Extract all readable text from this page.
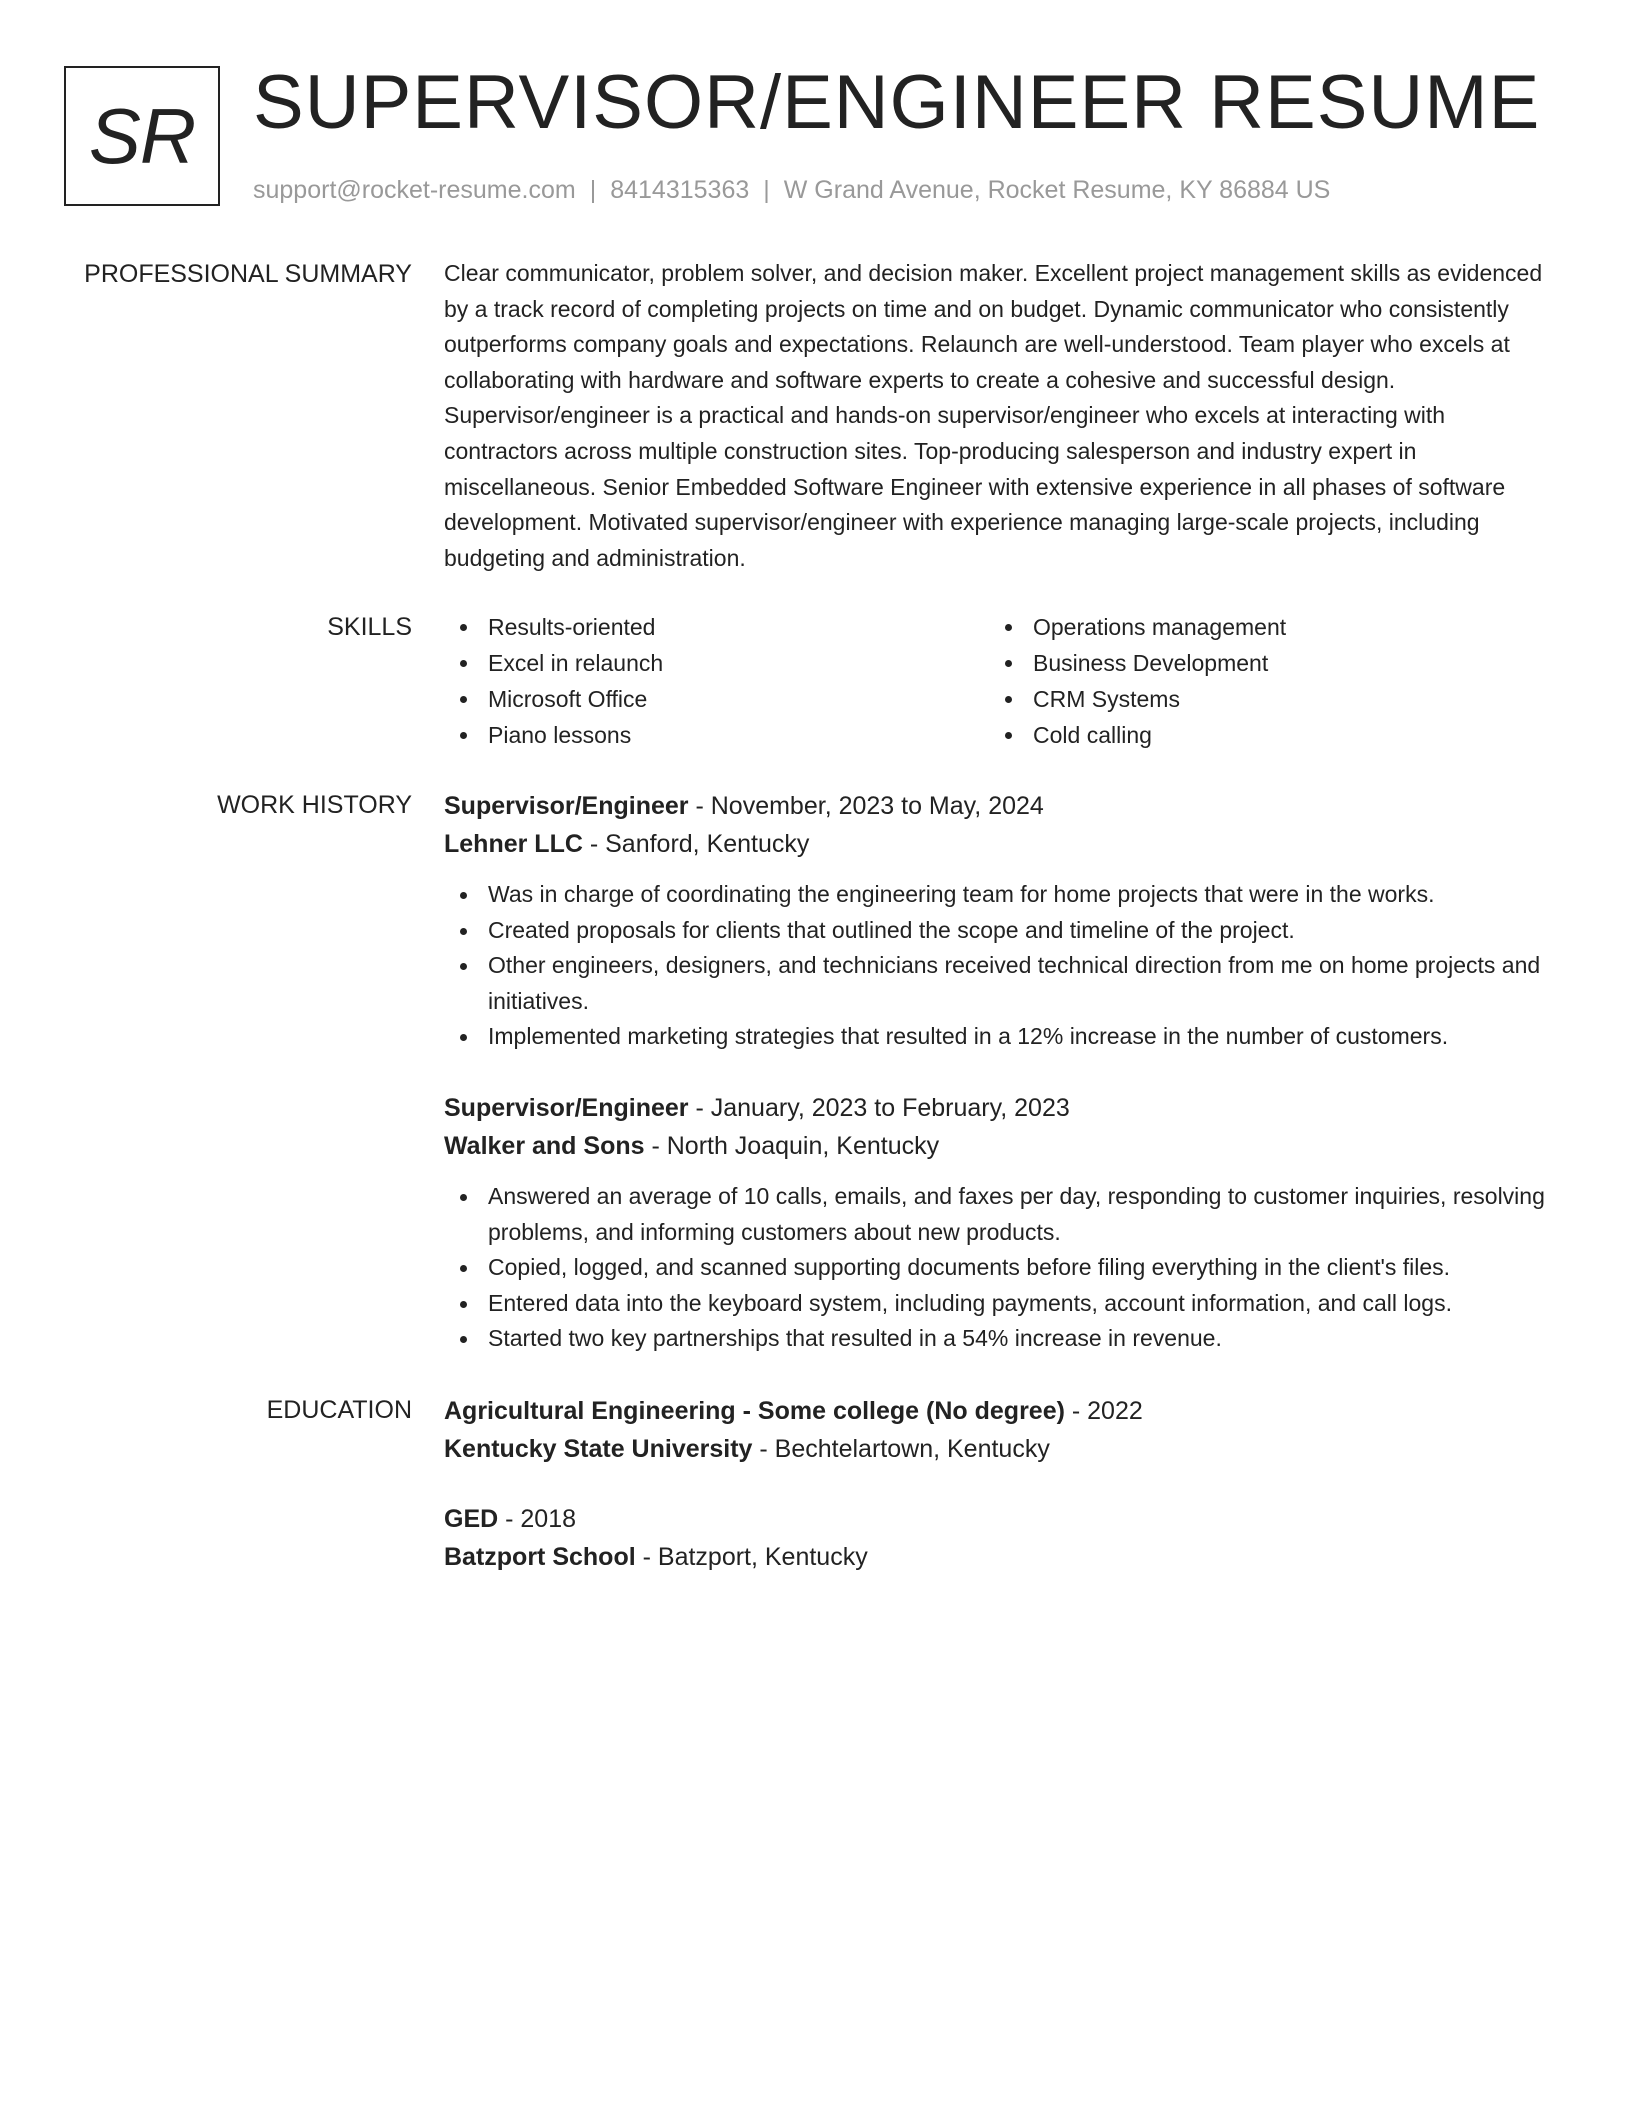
SR SUPERVISOR/ENGINEER RESUME
support@rocket-resume.com | 8414315363 | W Grand Avenue, Rocket Resume, KY 86884 US
PROFESSIONAL SUMMARY Clear communicator, problem solver, and decision maker. Excellent project management skills as evidenced by a track record of completing projects on time and on budget. Dynamic communicator who consistently outperforms company goals and expectations. Relaunch are well-understood. Team player who excels at collaborating with hardware and software experts to create a cohesive and successful design. Supervisor/engineer is a practical and hands-on supervisor/engineer who excels at interacting with contractors across multiple construction sites. Top-producing salesperson and industry expert in miscellaneous. Senior Embedded Software Engineer with extensive experience in all phases of software development. Motivated supervisor/engineer with experience managing large-scale projects, including budgeting and administration.

SKILLS	Results-oriented	Operations management
Excel in relaunch	Business Development
Microsoft Office	CRM Systems
Piano lessons	Cold calling
WORK HISTORY Supervisor/Engineer - November, 2023 to May, 2024
Lehner LLC - Sanford, Kentucky
Was in charge of coordinating the engineering team for home projects that were in the works.
Created proposals for clients that outlined the scope and timeline of the project.
Other engineers, designers, and technicians received technical direction from me on home projects and initiatives.
Implemented marketing strategies that resulted in a 12% increase in the number of customers.
Supervisor/Engineer - January, 2023 to February, 2023
Walker and Sons - North Joaquin, Kentucky
Answered an average of 10 calls, emails, and faxes per day, responding to customer inquiries, resolving problems, and informing customers about new products.
Copied, logged, and scanned supporting documents before filing everything in the client's files.
Entered data into the keyboard system, including payments, account information, and call logs.
Started two key partnerships that resulted in a 54% increase in revenue.
EDUCATION Agricultural Engineering - Some college (No degree) - 2022
Kentucky State University - Bechtelartown, Kentucky
GED - 2018
Batzport School - Batzport, Kentucky
